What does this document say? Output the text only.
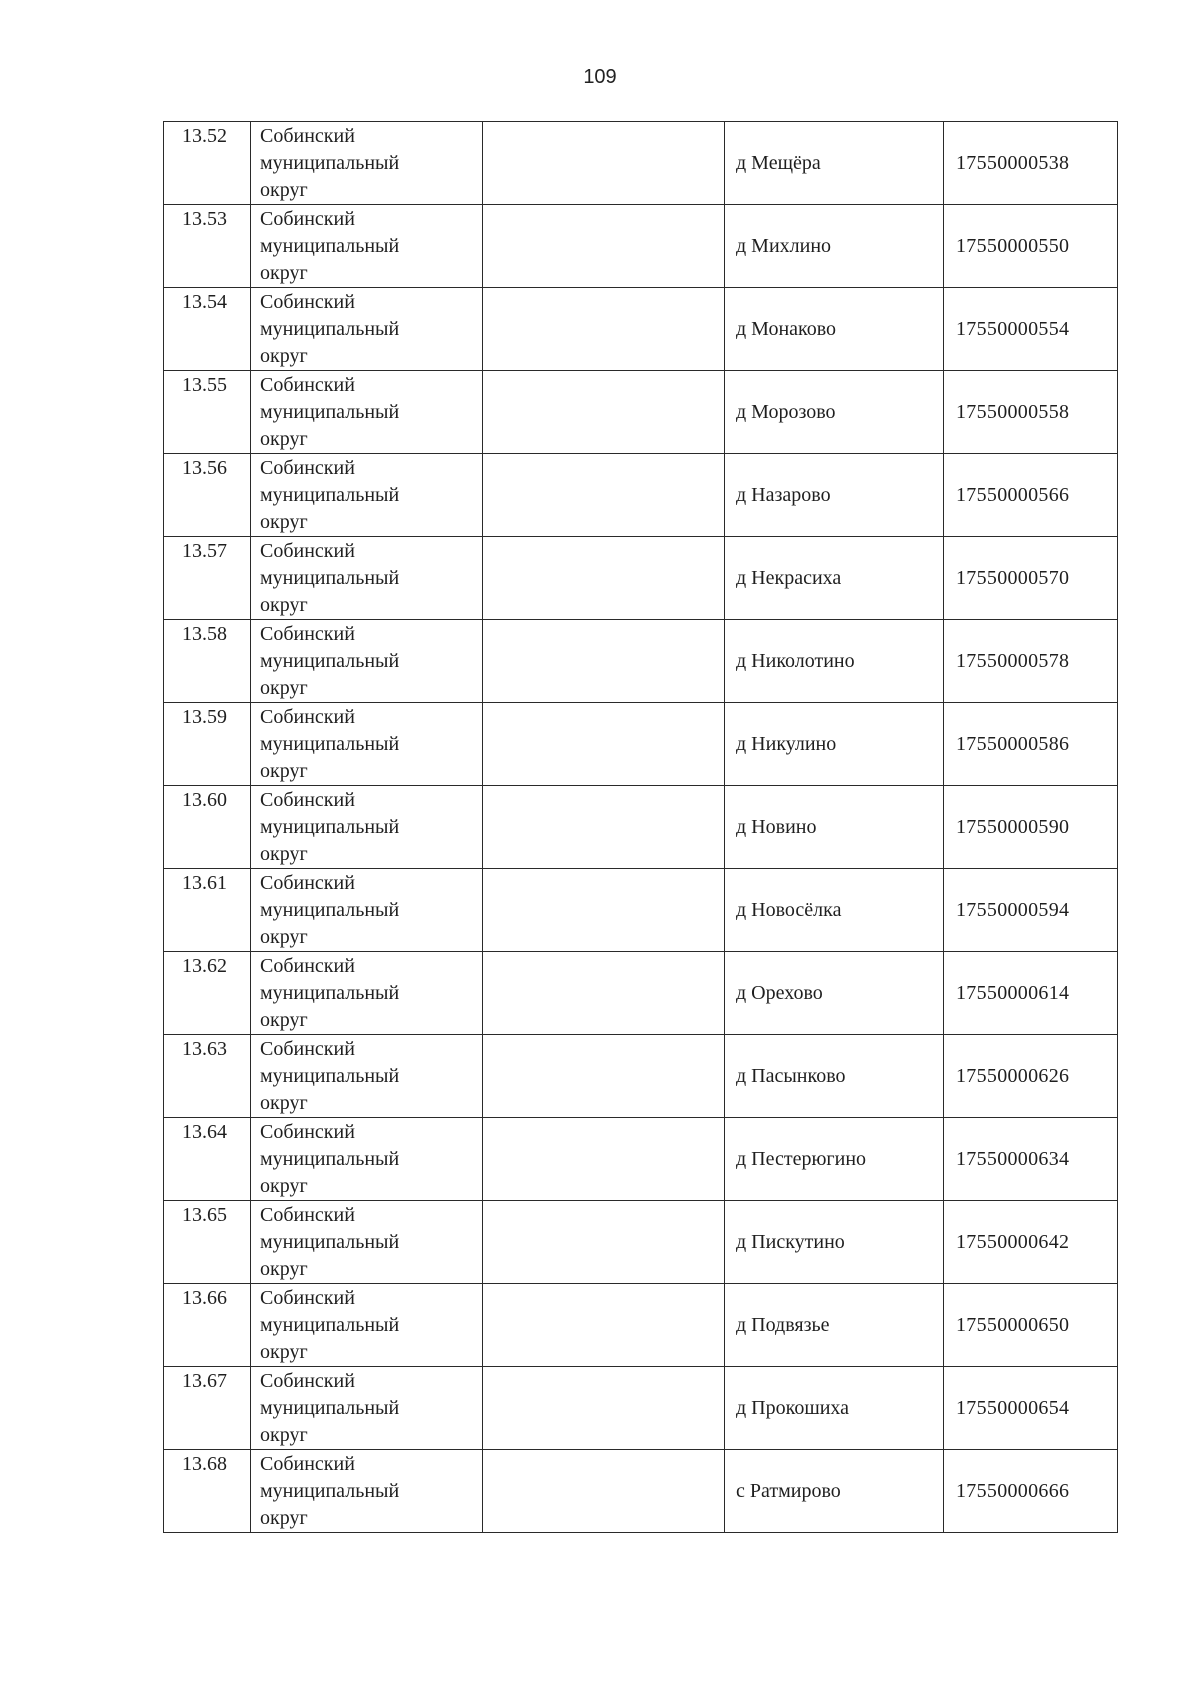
109
13.52	Собинский
муниципальный
округ		д Мещёра	17550000538
13.53	Собинский
муниципальный
округ		д Михлино	17550000550
13.54	Собинский
муниципальный
округ		д Монаково	17550000554
13.55	Собинский
муниципальный
округ		д Морозово	17550000558
13.56	Собинский
муниципальный
округ		д Назарово	17550000566
13.57	Собинский
муниципальный
округ		д Некрасиха	17550000570
13.58	Собинский
муниципальный
округ		д Николотино	17550000578
13.59	Собинский
муниципальный
округ		д Никулино	17550000586
13.60	Собинский
муниципальный
округ		д Новино	17550000590
13.61	Собинский
муниципальный
округ		д Новосёлка	17550000594
13.62	Собинский
муниципальный
округ		д Орехово	17550000614
13.63	Собинский
муниципальный
округ		д Пасынково	17550000626
13.64	Собинский
муниципальный
округ		д Пестерюгино	17550000634
13.65	Собинский
муниципальный
округ		д Пискутино	17550000642
13.66	Собинский
муниципальный
округ		д Подвязье	17550000650
13.67	Собинский
муниципальный
округ		д Прокошиха	17550000654
13.68	Собинский
муниципальный
округ		с Ратмирово	17550000666
